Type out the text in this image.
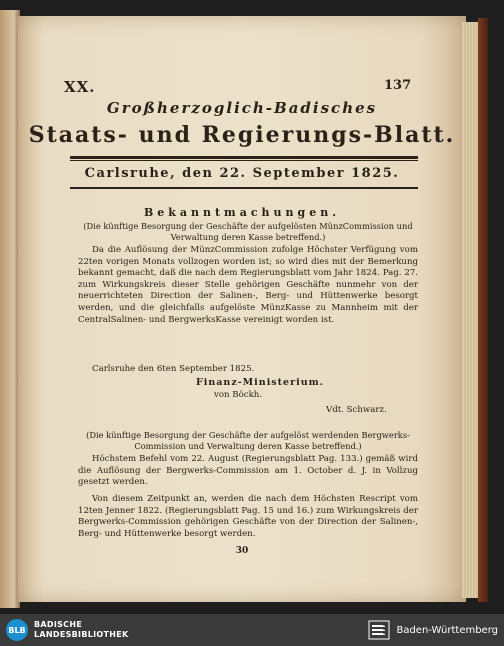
XX.	137
Großherzoglich-Badisches
Staats- und Regierungs-Blatt.
Carlsruhe, den 22. September 1825.
Bekanntmachungen.
(Die künftige Besorgung der Geschäfte der aufgelösten MünzCommission und Verwaltung deren Kasse betreffend.)
Da die Auflösung der MünzCommission zufolge Höchster Verfügung vom 22ten vorigen Monats vollzogen worden ist; so wird dies mit der Bemerkung bekannt gemacht, daß die nach dem Regierungsblatt vom Jahr 1824. Pag. 27. zum Wirkungskreis dieser Stelle gehörigen Geschäfte nunmehr von der neuerrichteten Direction der Salinen-, Berg- und Hüttenwerke besorgt werden, und die gleichfalls aufgelöste MünzKasse zu Mannheim mit der CentralSalinen- und BergwerksKasse vereinigt worden ist.
Carlsruhe den 6ten September 1825.
Finanz-Ministerium.
von Böckh.
Vdt. Schwarz.
(Die künftige Besorgung der Geschäfte der aufgelöst werdenden Bergwerks-Commission und Verwaltung deren Kasse betreffend.)
Höchstem Befehl vom 22. August (Regierungsblatt Pag. 133.) gemäß wird die Auflösung der Bergwerks-Commission am 1. October d. J. in Vollzug gesetzt werden.
Von diesem Zeitpunkt an, werden die nach dem Höchsten Rescript vom 12ten Jenner 1822. (Regierungsblatt Pag. 15 und 16.) zum Wirkungskreis der Bergwerks-Commission gehörigen Geschäfte von der Direction der Salinen-, Berg- und Hüttenwerke besorgt werden.
30
BLB
BADISCHE
LANDESBIBLIOTHEK	Baden-Württemberg
